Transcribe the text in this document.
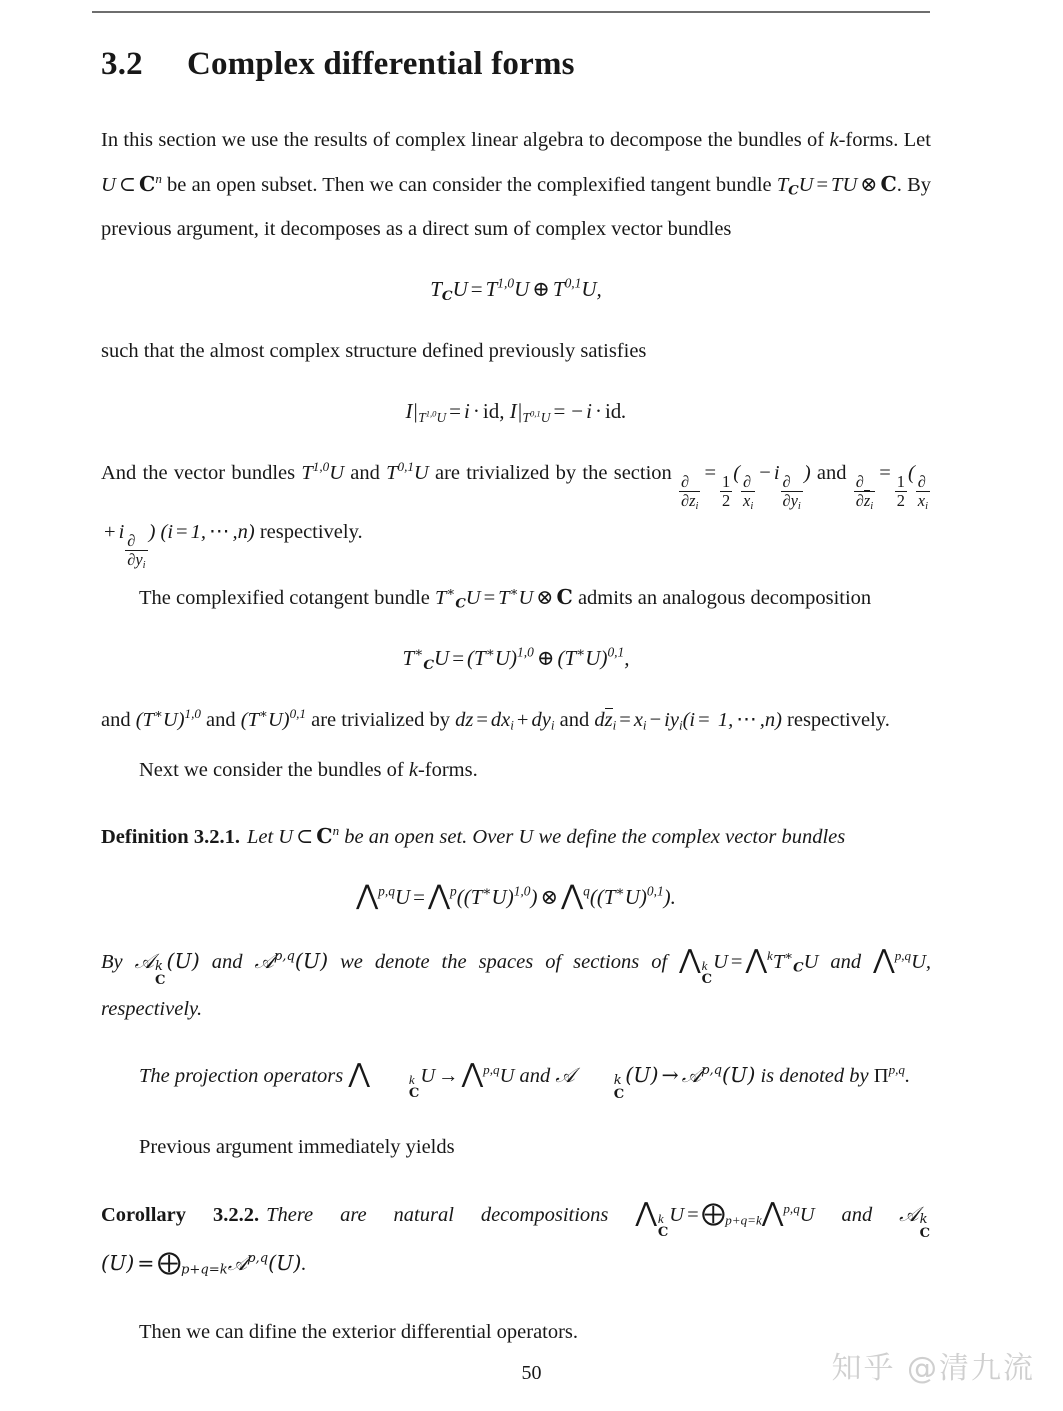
3.2 Complex differential forms

In this section we use the results of complex linear algebra to decompose the bundles of k-forms. Let U ⊂ $C^n$ be an open subset. Then we can consider the complexified tangent bundle $T_CU$ = TU ⊗ C. By previous argument, it decomposes as a direct sum of complex vector bundles

$T_CU = T^{1,0}U$ ⊕ T$^{0,1}$U,

such that the almost complex structure defined previously satisfies

$I|_{T^{1,0}U} = i$ · id, $I|_{T^{0,1}U}$ = − i · id.

And the vector bundles T$^{1,0}$U and T$^{0,1}$U are trivialized by the section
$\frac{\partial}{\partial z_i}$
=
$\frac{1}{2}$
(
$\frac{\partial}{x_i}$
− i
$\frac{\partial}{\partial y_i}$
) and
$\frac{\partial}{\partial z_i}$
=
$\frac{1}{2}$
(
$\frac{\partial}{x_i}$
+ i
$\frac{\partial}{\partial y_i}$
) (i = 1, ⋯ ,n) respectively.

The complexified cotangent bundle $T^∗_CU = T^∗U$ ⊗ C admits an analogous decomposition

$T^∗_CU = (T^∗U)^{1,0}$ ⊕ $(T^∗U)^{0,1}$,

and $(T^∗U)^{1,0}$ and $(T^∗U)^{0,1}$ are trivialized by dz = $dx_i + dy_i$ and $dz_i = x_i - iy_i(i = 1$, ⋯ ,n) respectively.

Next we consider the bundles of k-forms.

Definition 3.2.1. Let U ⊂ $C^n$ be an open set. Over U we define the complex vector bundles

⋀$^{p,q}$U = $⋀^p((T^∗U)^{1,0})$ ⊗ $⋀^q((T^∗U)^{0,1})$.

By 𝒜 k
C
(U) and 𝒜$^{p,q}$(U) we denote the spaces of sections of ⋀ k
C
$U = ⋀^kT^∗_CU$ and ⋀$^{p,q}$U, respectively.

The projection operators ⋀	k
C
U → ⋀$^{p,q}$U and 𝒜	k
C
(U) → 𝒜$^{p,q}$(U) is denoted by Π$^{p,q}$.

Previous argument immediately yields

Corollary 3.2.2. There are natural decompositions ⋀ k
C
$U = ⨁_{p+q=k}⋀^{p,q}U$ and 𝒜 k
C
$(U) = ⨁_{p+q=k}𝒜^{p,q}(U)$.

Then we can difine the exterior differential operators.

50	知乎 @清九流
